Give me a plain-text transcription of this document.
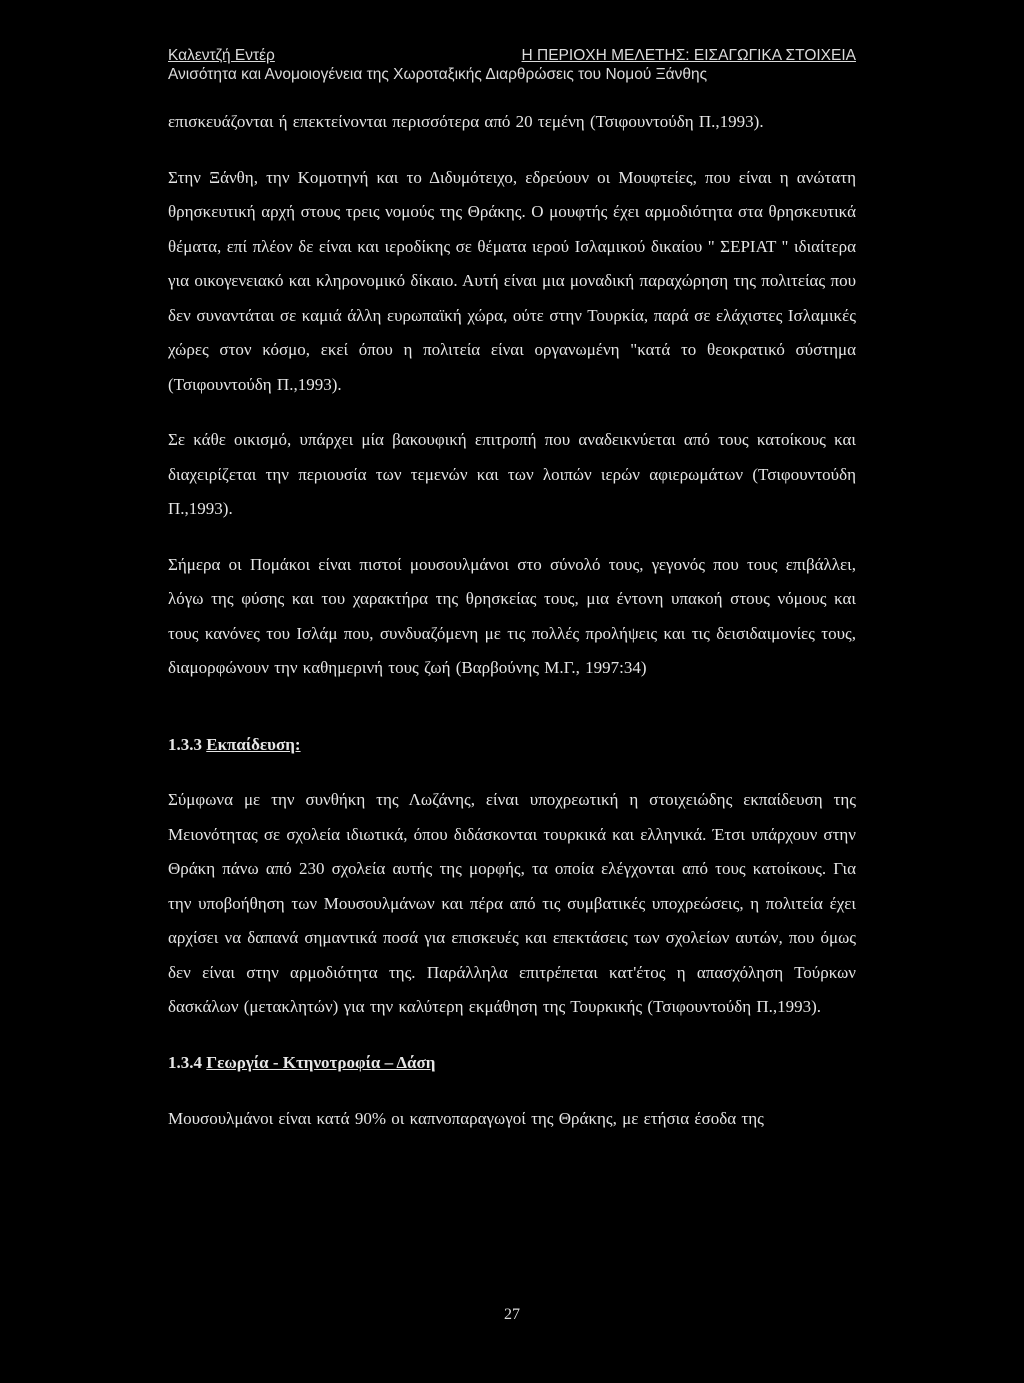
Καλεντζή Εντέρ	Η ΠΕΡΙΟΧΗ ΜΕΛΕΤΗΣ: ΕΙΣΑΓΩΓΙΚΑ ΣΤΟΙΧΕΙΑ
Ανισότητα και Ανομοιογένεια της Χωροταξικής Διαρθρώσεις του Νομού Ξάνθης

επισκευάζονται ή επεκτείνονται περισσότερα από 20 τεμένη (Τσιφουντούδη Π.,1993).

Στην Ξάνθη, την Κομοτηνή και το Διδυμότειχο, εδρεύουν οι Μουφτείες, που είναι η ανώτατη θρησκευτική αρχή στους τρεις νομούς της Θράκης. Ο μουφτής έχει αρμοδιότητα στα θρησκευτικά θέματα, επί πλέον δε είναι και ιεροδίκης σε θέματα ιερού Ισλαμικού δικαίου " ΣΕΡΙΑΤ " ιδιαίτερα για οικογενειακό και κληρονομικό δίκαιο. Αυτή είναι μια μοναδική παραχώρηση της πολιτείας που δεν συναντάται σε καμιά άλλη ευρωπαϊκή χώρα, ούτε στην Τουρκία, παρά σε ελάχιστες Ισλαμικές χώρες στον κόσμο, εκεί όπου η πολιτεία είναι οργανωμένη "κατά το θεοκρατικό σύστημα (Τσιφουντούδη Π.,1993).

Σε κάθε οικισμό, υπάρχει μία βακουφική επιτροπή που αναδεικνύεται από τους κατοίκους και διαχειρίζεται την περιουσία των τεμενών και των λοιπών ιερών αφιερωμάτων (Τσιφουντούδη Π.,1993).

Σήμερα οι Πομάκοι είναι πιστοί μουσουλμάνοι στο σύνολό τους, γεγονός που τους επιβάλλει, λόγω της φύσης και του χαρακτήρα της θρησκείας τους, μια έντονη υπακοή στους νόμους και τους κανόνες του Ισλάμ που, συνδυαζόμενη με τις πολλές προλήψεις και τις δεισιδαιμονίες τους, διαμορφώνουν την καθημερινή τους ζωή (Βαρβούνης Μ.Γ., 1997:34)

1.3.3 Εκπαίδευση:

Σύμφωνα με την συνθήκη της Λωζάνης, είναι υποχρεωτική η στοιχειώδης εκπαίδευση της Μειονότητας σε σχολεία ιδιωτικά, όπου διδάσκονται τουρκικά και ελληνικά. Έτσι υπάρχουν στην Θράκη πάνω από 230 σχολεία αυτής της μορφής, τα οποία ελέγχονται από τους κατοίκους. Για την υποβοήθηση των Μουσουλμάνων και πέρα από τις συμβατικές υποχρεώσεις, η πολιτεία έχει αρχίσει να δαπανά σημαντικά ποσά για επισκευές και επεκτάσεις των σχολείων αυτών, που όμως δεν είναι στην αρμοδιότητα της. Παράλληλα επιτρέπεται κατ'έτος η απασχόληση Τούρκων δασκάλων (μετακλητών) για την καλύτερη εκμάθηση της Τουρκικής (Τσιφουντούδη Π.,1993).

1.3.4 Γεωργία - Κτηνοτροφία – Δάση

Μουσουλμάνοι είναι κατά 90% οι καπνοπαραγωγοί της Θράκης, με ετήσια έσοδα της

27
